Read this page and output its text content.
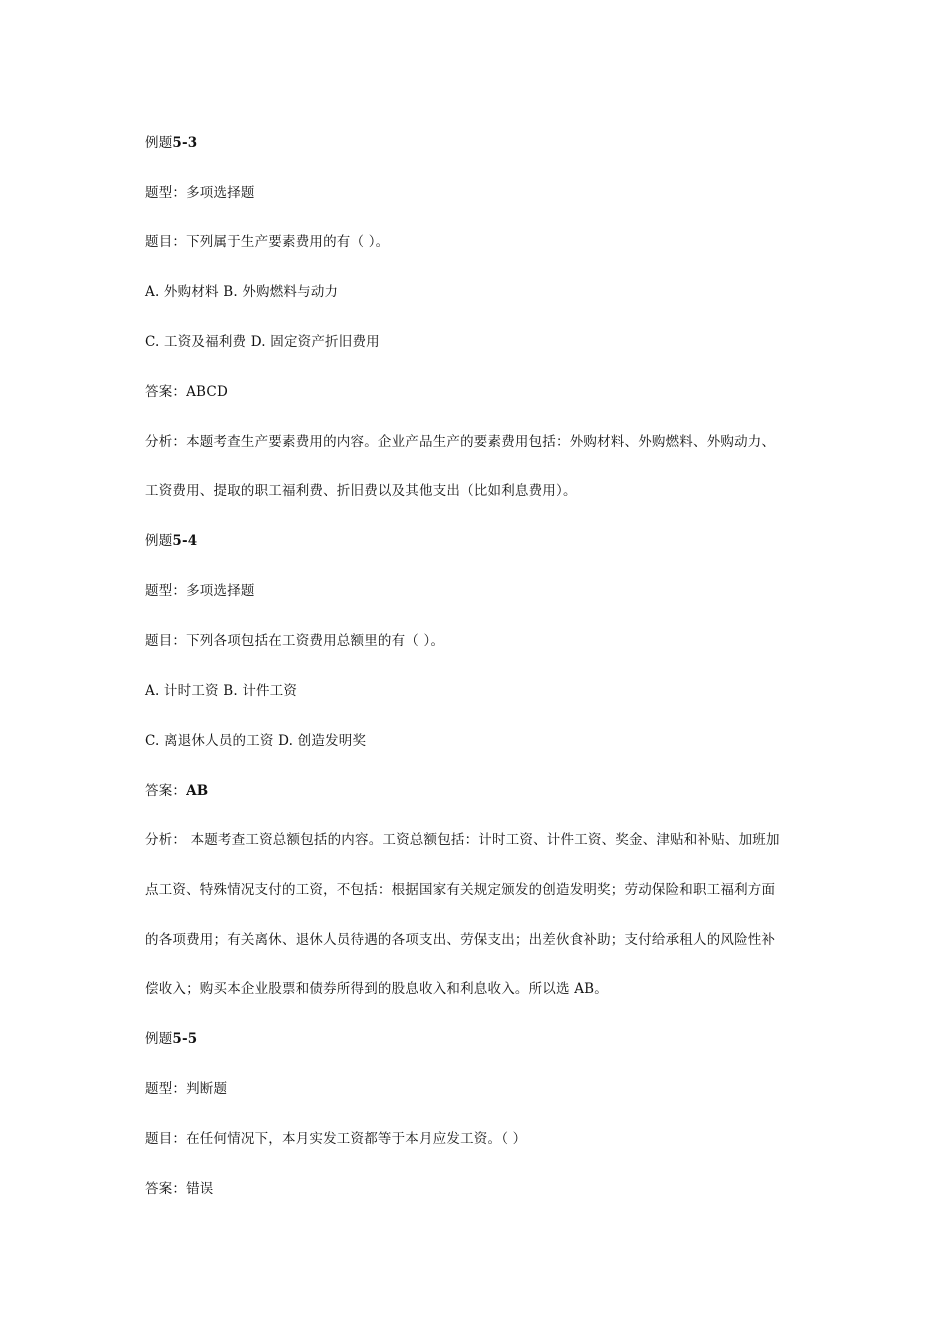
例题5-3
题型：多项选择题
题目：下列属于生产要素费用的有（ ）。
A. 外购材料 B. 外购燃料与动力
C. 工资及福利费 D. 固定资产折旧费用
答案：ABCD
分析：本题考查生产要素费用的内容。企业产品生产的要素费用包括：外购材料、外购燃料、外购动力、
工资费用、提取的职工福利费、折旧费以及其他支出（比如利息费用）。
例题5-4
题型：多项选择题
题目：下列各项包括在工资费用总额里的有（ ）。
A. 计时工资 B. 计件工资
C. 离退休人员的工资 D. 创造发明奖
答案：AB
分析： 本题考查工资总额包括的内容。工资总额包括：计时工资、计件工资、奖金、津贴和补贴、加班加
点工资、特殊情况支付的工资，不包括：根据国家有关规定颁发的创造发明奖；劳动保险和职工福利方面
的各项费用；有关离休、退休人员待遇的各项支出、劳保支出；出差伙食补助；支付给承租人的风险性补
偿收入；购买本企业股票和债券所得到的股息收入和利息收入。所以选 AB。
例题5-5
题型：判断题
题目：在任何情况下，本月实发工资都等于本月应发工资。（ ）
答案：错误
